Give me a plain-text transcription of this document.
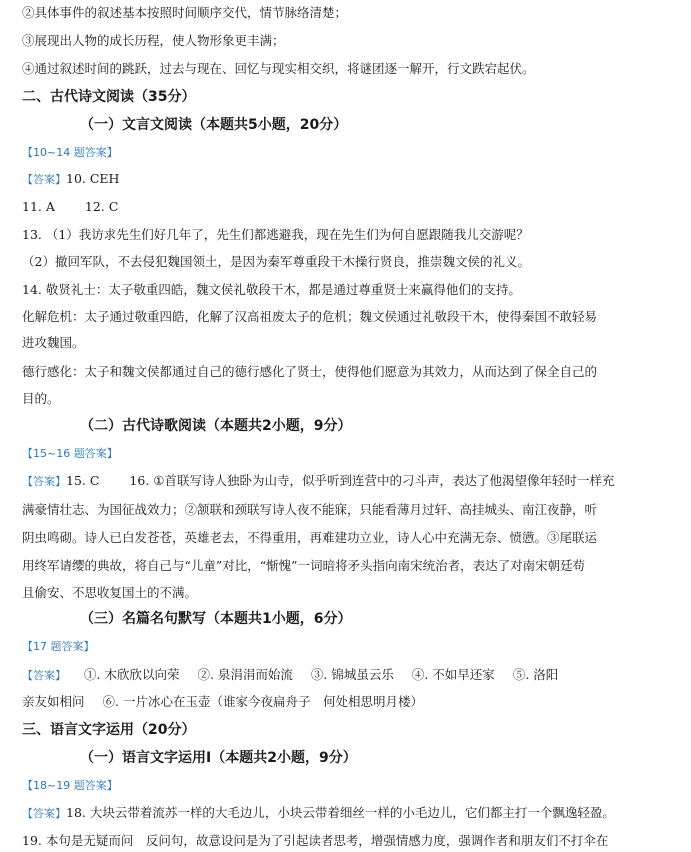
②具体事件的叙述基本按照时间顺序交代，情节脉络清楚；
③展现出人物的成长历程，使人物形象更丰满；
④通过叙述时间的跳跃，过去与现在、回忆与现实相交织，将谜团逐一解开，行文跌宕起伏。
二、古代诗文阅读（35分）
（一）文言文阅读（本题共5小题，20分）
【10~14 题答案】
【答案】10. CEH
11. A 12. C
13. （1）我访求先生们好几年了，先生们都逃避我，现在先生们为何自愿跟随我儿交游呢？
（2）撤回军队，不去侵犯魏国领土，是因为秦军尊重段干木操行贤良，推崇魏文侯的礼义。
14. 敬贤礼士：太子敬重四皓，魏文侯礼敬段干木，都是通过尊重贤士来赢得他们的支持。
化解危机：太子通过敬重四皓，化解了汉高祖废太子的危机；魏文侯通过礼敬段干木，使得秦国不敢轻易
进攻魏国。
德行感化：太子和魏文侯都通过自己的德行感化了贤士，使得他们愿意为其效力，从而达到了保全自己的
目的。
（二）古代诗歌阅读（本题共2小题，9分）
【15~16 题答案】
【答案】15. C 16. ①首联写诗人独卧为山寺，似乎听到连营中的刁斗声，表达了他渴望像年轻时一样充
满豪情壮志、为国征战效力；②颔联和颈联写诗人夜不能寐，只能看薄月过轩、高挂城头、南江夜静，听
阴虫鸣砌。诗人已白发苍苍，英雄老去，不得重用，再难建功立业，诗人心中充满无奈、愤懑。③尾联运
用终军请缨的典故，将自己与“儿童”对比，“惭愧”一词暗将矛头指向南宋统治者，表达了对南宋朝廷苟
且偷安、不思收复国土的不满。
（三）名篇名句默写（本题共1小题，6分）
【17 题答案】
【答案】 ①. 木欣欣以向荣 ②. 泉涓涓而始流 ③. 锦城虽云乐 ④. 不如早还家 ⑤. 洛阳
亲友如相问 ⑥. 一片冰心在玉壶（谁家今夜扁舟子　何处相思明月楼）
三、语言文字运用（20分）
（一）语言文字运用Ⅰ（本题共2小题，9分）
【18~19 题答案】
【答案】18. 大块云带着流苏一样的大毛边儿，小块云带着细丝一样的小毛边儿，它们都主打一个飘逸轻盈。
19. 本句是无疑而问　反问句，故意设问是为了引起读者思考，增强情感力度，强调作者和朋友们不打伞在
